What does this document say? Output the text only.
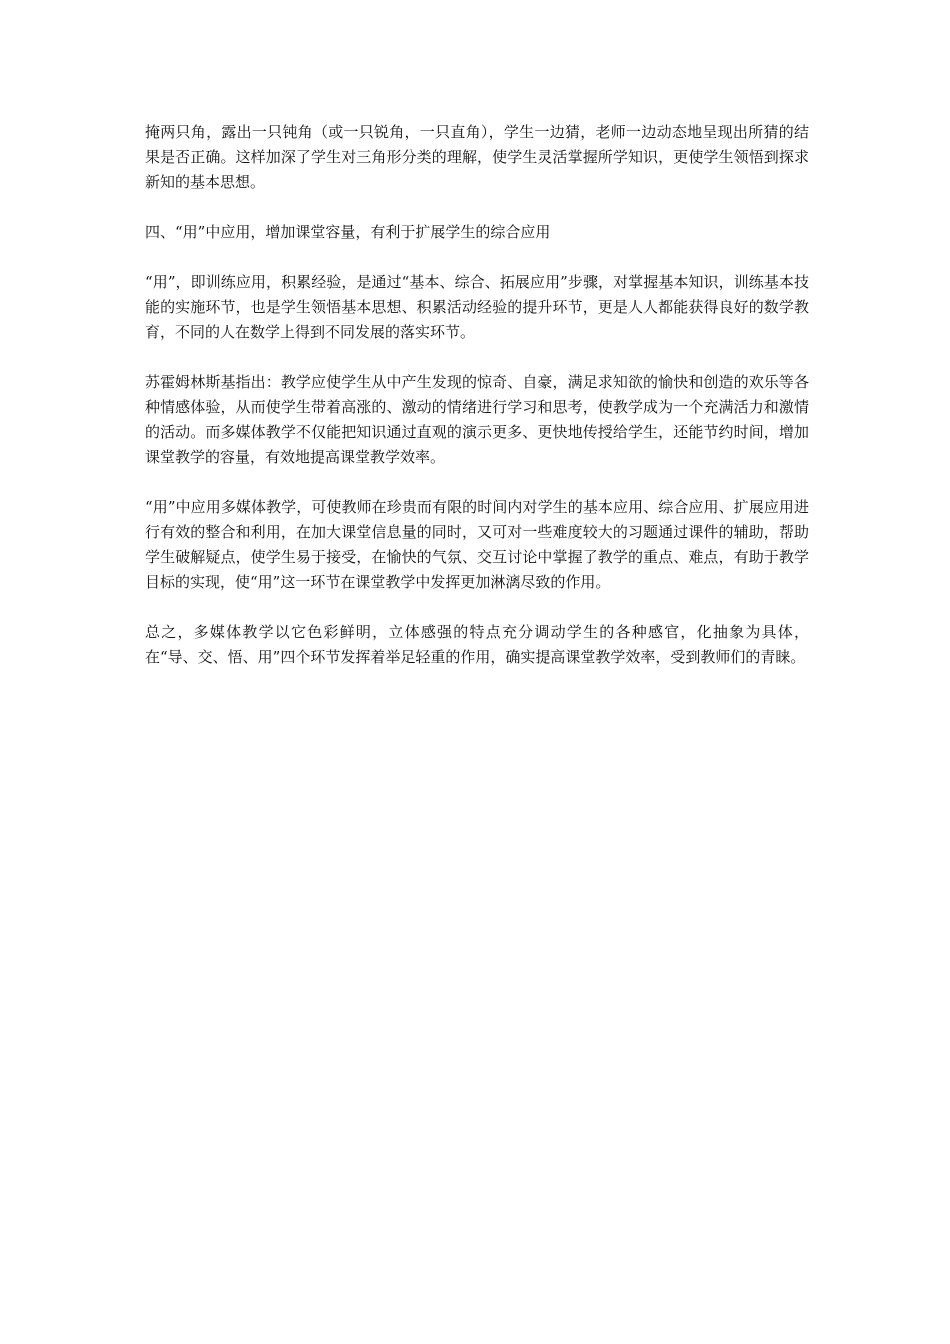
掩两只角，露出一只钝角（或一只锐角，一只直角），学生一边猜，老师一边动态地呈现出所猜的结果是否正确。这样加深了学生对三角形分类的理解，使学生灵活掌握所学知识，更使学生领悟到探求新知的基本思想。

四、“用”中应用，增加课堂容量，有利于扩展学生的综合应用

“用”，即训练应用，积累经验，是通过“基本、综合、拓展应用”步骤，对掌握基本知识，训练基本技能的实施环节，也是学生领悟基本思想、积累活动经验的提升环节，更是人人都能获得良好的数学教育，不同的人在数学上得到不同发展的落实环节。

苏霍姆林斯基指出：教学应使学生从中产生发现的惊奇、自豪，满足求知欲的愉快和创造的欢乐等各种情感体验，从而使学生带着高涨的、激动的情绪进行学习和思考，使教学成为一个充满活力和激情的活动。而多媒体教学不仅能把知识通过直观的演示更多、更快地传授给学生，还能节约时间，增加课堂教学的容量，有效地提高课堂教学效率。

“用”中应用多媒体教学，可使教师在珍贵而有限的时间内对学生的基本应用、综合应用、扩展应用进行有效的整合和利用，在加大课堂信息量的同时，又可对一些难度较大的习题通过课件的辅助，帮助学生破解疑点，使学生易于接受，在愉快的气氛、交互讨论中掌握了教学的重点、难点，有助于教学目标的实现，使“用”这一环节在课堂教学中发挥更加淋漓尽致的作用。

总之，多媒体教学以它色彩鲜明，立体感强的特点充分调动学生的各种感官，化抽象为具体，在“导、交、悟、用”四个环节发挥着举足轻重的作用，确实提高课堂教学效率，受到教师们的青睐。
